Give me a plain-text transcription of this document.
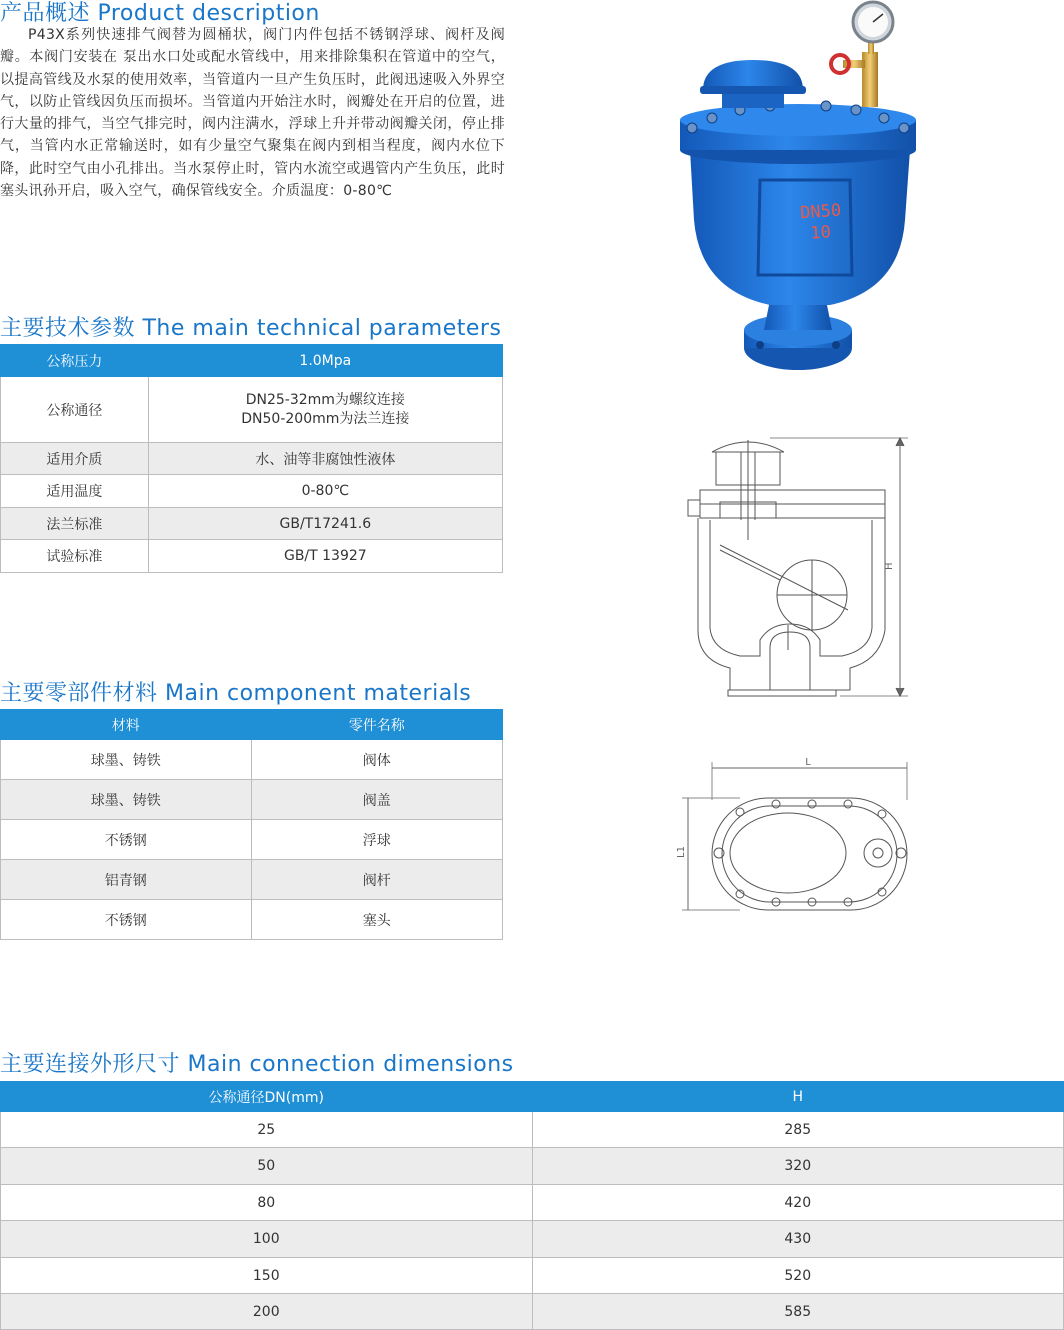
产品概述 Product description

P43X系列快速排气阀替为圆桶状，阀门内件包括不锈钢浮球、阀杆及阀瓣。本阀门安装在 泵出水口处或配水管线中，用来排除集积在管道中的空气，以提高管线及水泵的使用效率，当管道内一旦产生负压时，此阀迅速吸入外界空气，以防止管线因负压而损坏。当管道内开始注水时，阀瓣处在开启的位置，进行大量的排气，当空气排完时，阀内注满水，浮球上升并带动阀瓣关闭，停止排气，当管内水正常输送时，如有少量空气聚集在阀内到相当程度，阀内水位下降，此时空气由小孔排出。当水泵停止时，管内水流空或遇管内产生负压，此时塞头讯孙开启，吸入空气，确保管线安全。介质温度：0-80℃

主要技术参数 The main technical parameters
公称压力	1.0Mpa
公称通径	DN25-32mm为螺纹连接
DN50-200mm为法兰连接

适用介质	水、油等非腐蚀性液体
适用温度	0-80℃
法兰标准	GB/T17241.6
试验标准	GB/T 13927
主要零部件材料 Main component materials
材料	零件名称
球墨、铸铁	阀体
球墨、铸铁	阀盖
不锈钢	浮球
铝青钢	阀杆
不锈钢	塞头
主要连接外形尺寸 Main connection dimensions
公称通径DN(mm)	H
25	285
50	320
80	420
100	430
150	520
200	585
DN50
10
H
L
L1
